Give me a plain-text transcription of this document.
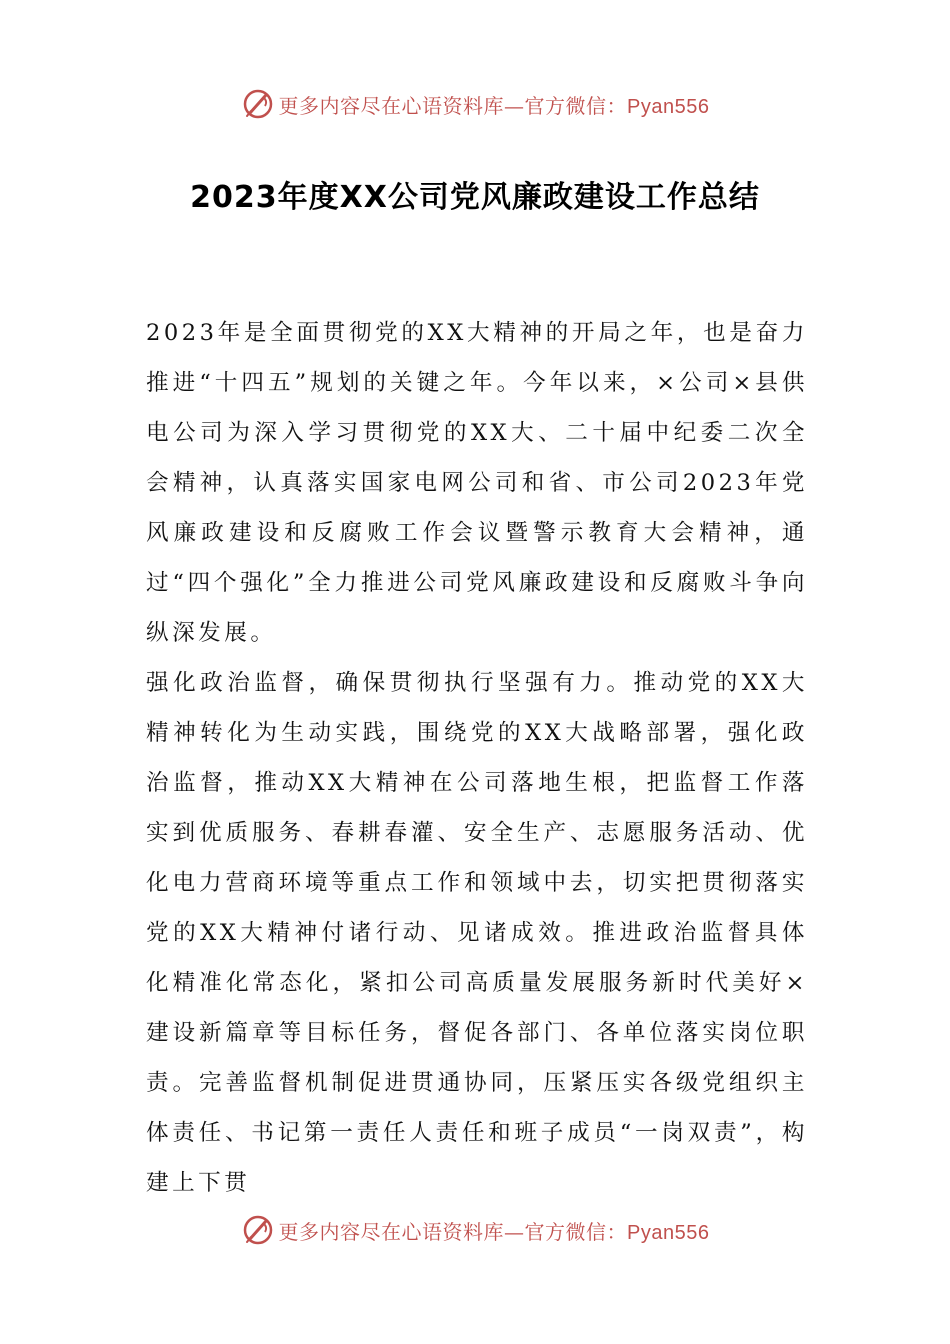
更多内容尽在心语资料库—官方微信：Pyan556
2023年度XX公司党风廉政建设工作总结

2023年是全面贯彻党的XX大精神的开局之年，也是奋力推进“十四五”规划的关键之年。今年以来，×公司×县供电公司为深入学习贯彻党的XX大、二十届中纪委二次全会精神，认真落实国家电网公司和省、市公司2023年党风廉政建设和反腐败工作会议暨警示教育大会精神，通过“四个强化”全力推进公司党风廉政建设和反腐败斗争向纵深发展。

强化政治监督，确保贯彻执行坚强有力。推动党的XX大精神转化为生动实践，围绕党的XX大战略部署，强化政治监督，推动XX大精神在公司落地生根，把监督工作落实到优质服务、春耕春灌、安全生产、志愿服务活动、优化电力营商环境等重点工作和领域中去，切实把贯彻落实党的XX大精神付诸行动、见诸成效。推进政治监督具体化精准化常态化，紧扣公司高质量发展服务新时代美好×建设新篇章等目标任务，督促各部门、各单位落实岗位职责。完善监督机制促进贯通协同，压紧压实各级党组织主体责任、书记第一责任人责任和班子成员“一岗双责”，构建上下贯

更多内容尽在心语资料库—官方微信：Pyan556
